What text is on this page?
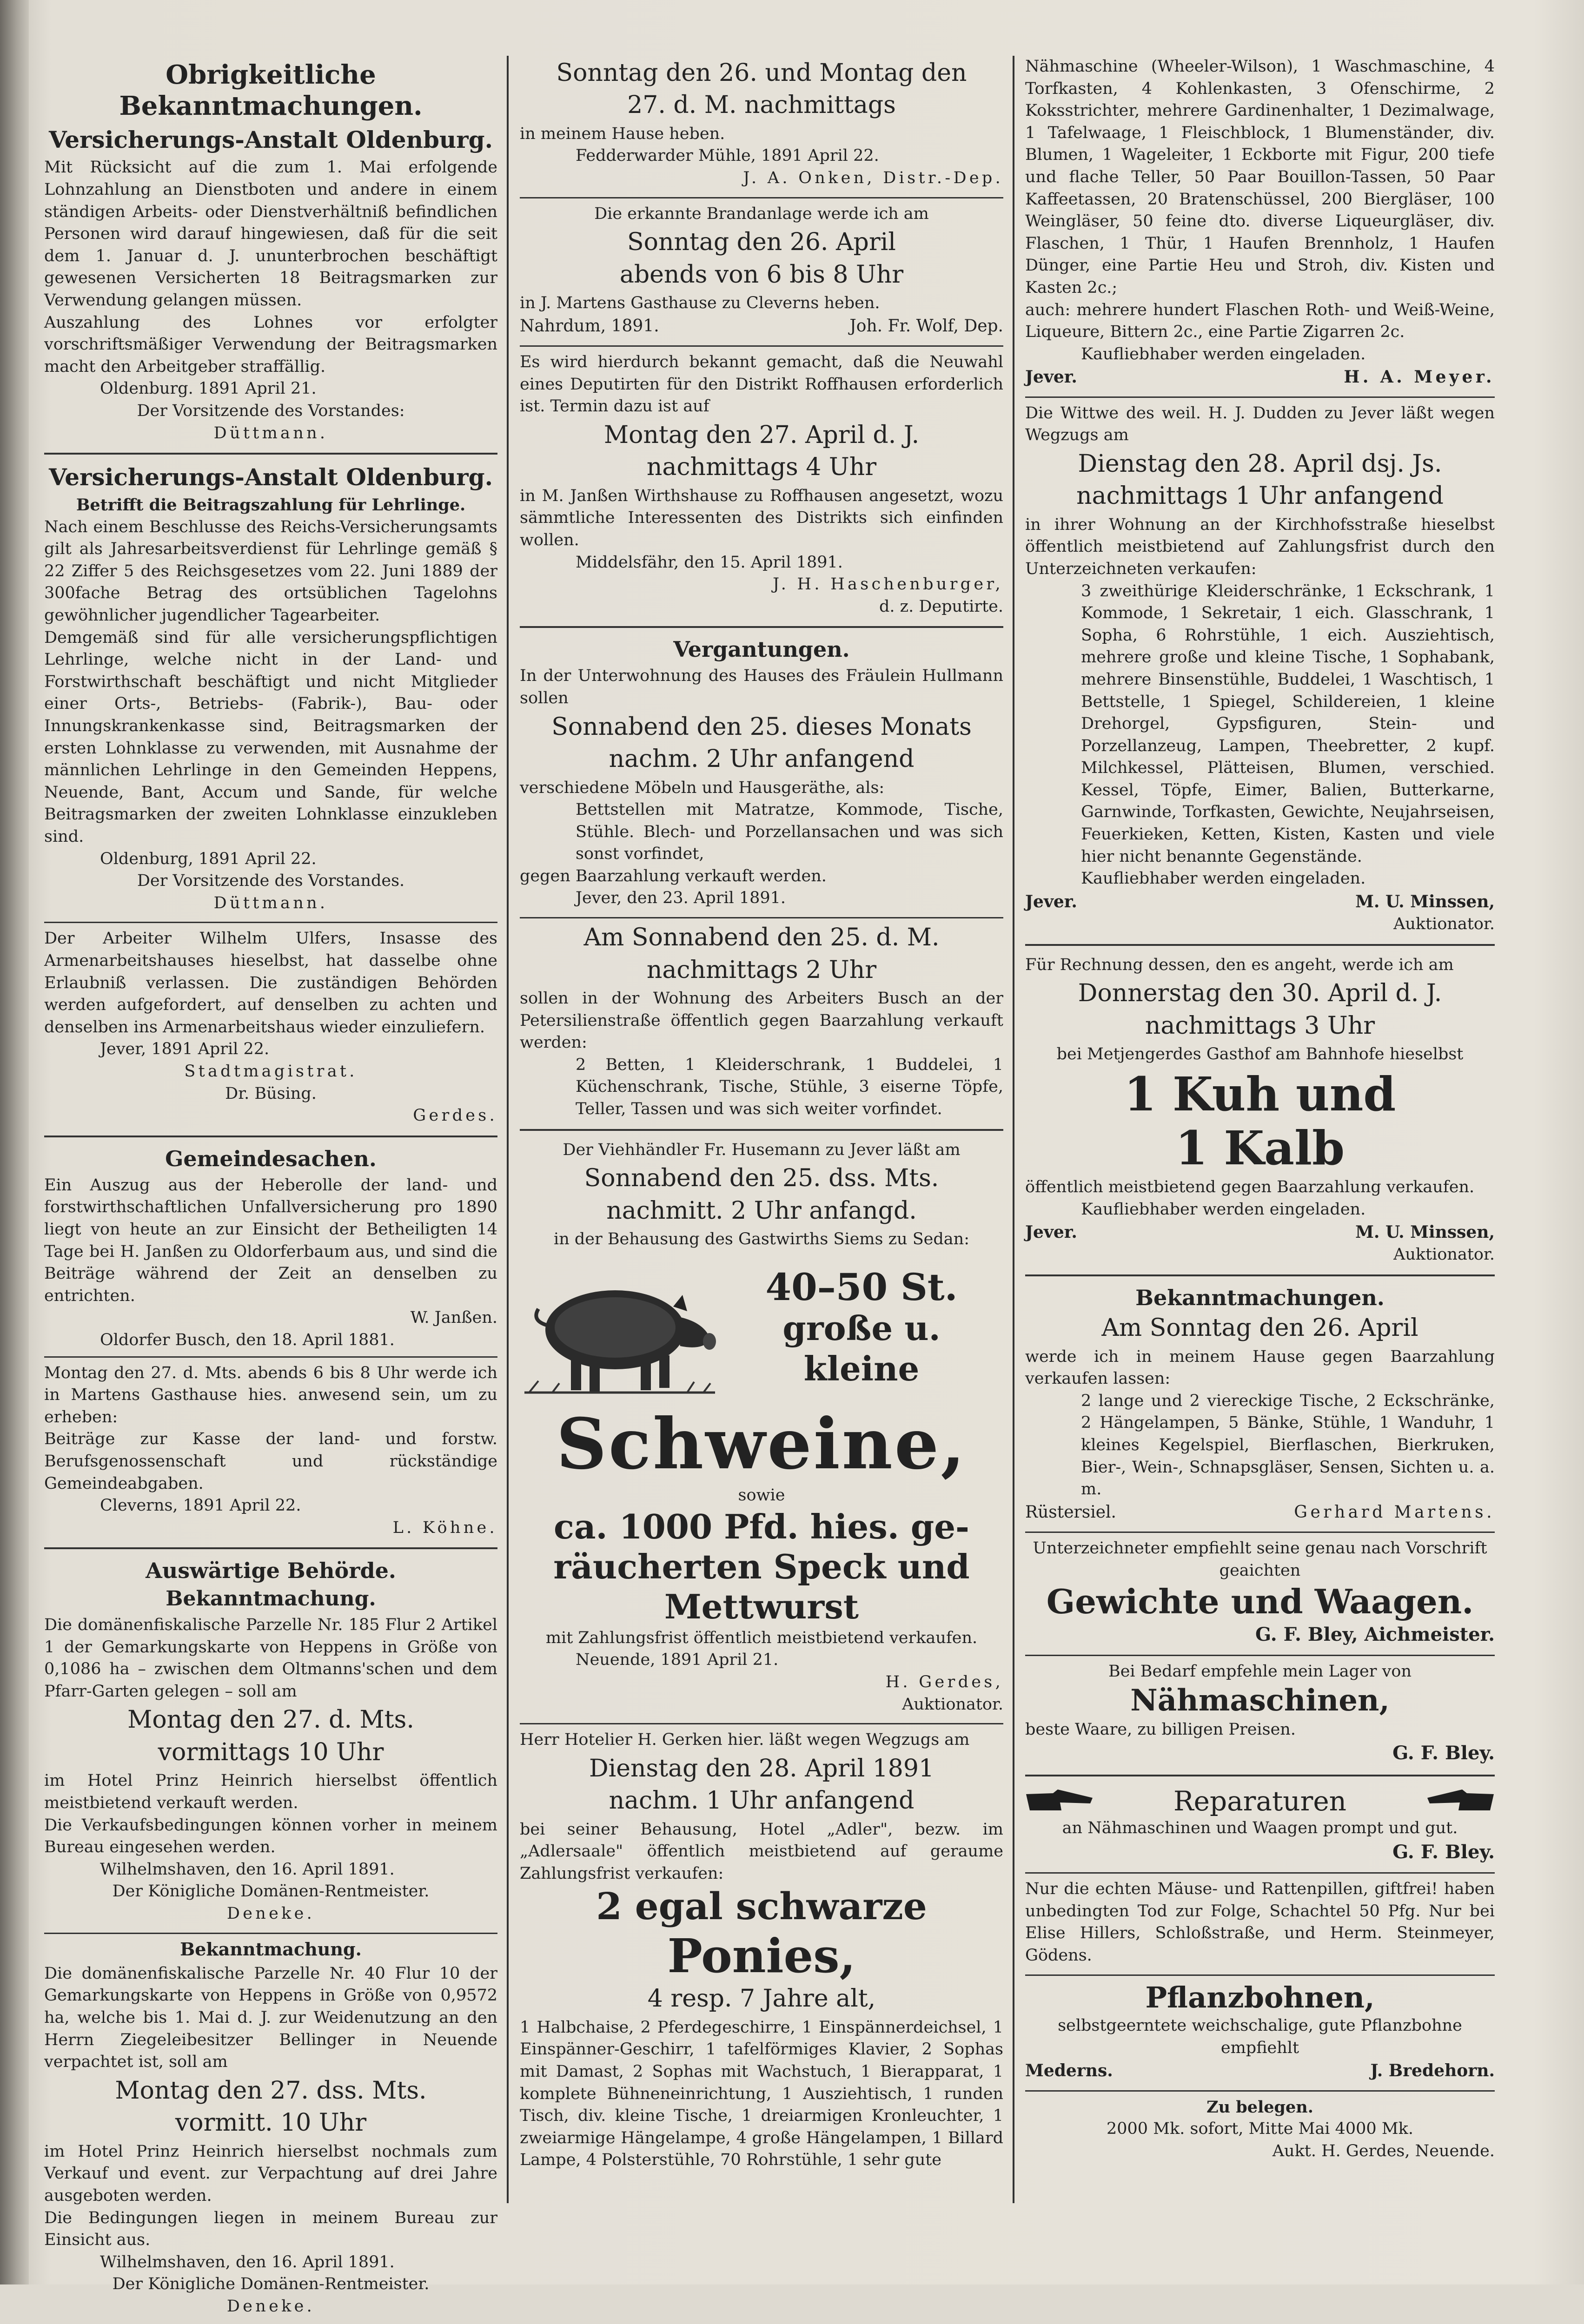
Obrigkeitliche Bekanntmachungen.
Versicherungs-Anstalt Oldenburg.

Mit Rücksicht auf die zum 1. Mai erfolgende Lohnzahlung an Dienstboten und andere in einem ständigen Arbeits- oder Dienstverhältniß befindlichen Personen wird darauf hingewiesen, daß für die seit dem 1. Januar d. J. ununterbrochen beschäftigt gewesenen Versicherten 18 Beitragsmarken zur Verwendung gelangen müssen.

Auszahlung des Lohnes vor erfolgter vorschriftsmäßiger Verwendung der Beitragsmarken macht den Arbeitgeber straffällig.

Oldenburg. 1891 April 21.

Der Vorsitzende des Vorstandes:

Düttmann.

Versicherungs-Anstalt Oldenburg.

Betrifft die Beitragszahlung für Lehrlinge.

Nach einem Beschlusse des Reichs-Versicherungsamts gilt als Jahresarbeitsverdienst für Lehrlinge gemäß § 22 Ziffer 5 des Reichsgesetzes vom 22. Juni 1889 der 300fache Betrag des ortsüblichen Tagelohns gewöhnlicher jugendlicher Tagearbeiter.

Demgemäß sind für alle versicherungspflichtigen Lehrlinge, welche nicht in der Land- und Forstwirthschaft beschäftigt und nicht Mitglieder einer Orts-, Betriebs- (Fabrik-), Bau- oder Innungskrankenkasse sind, Beitragsmarken der ersten Lohnklasse zu verwenden, mit Ausnahme der männlichen Lehrlinge in den Gemeinden Heppens, Neuende, Bant, Accum und Sande, für welche Beitragsmarken der zweiten Lohnklasse einzukleben sind.

Oldenburg, 1891 April 22.

Der Vorsitzende des Vorstandes.

Düttmann.

Der Arbeiter Wilhelm Ulfers, Insasse des Armenarbeitshauses hieselbst, hat dasselbe ohne Erlaubniß verlassen. Die zuständigen Behörden werden aufgefordert, auf denselben zu achten und denselben ins Armenarbeitshaus wieder einzuliefern.

Jever, 1891 April 22.

Stadtmagistrat.

Dr. Büsing.

Gerdes.

Gemeindesachen.

Ein Auszug aus der Heberolle der land- und forstwirthschaftlichen Unfallversicherung pro 1890 liegt von heute an zur Einsicht der Betheiligten 14 Tage bei H. Janßen zu Oldorferbaum aus, und sind die Beiträge während der Zeit an denselben zu entrichten.

W. Janßen.

Oldorfer Busch, den 18. April 1881.

Montag den 27. d. Mts. abends 6 bis 8 Uhr werde ich in Martens Gasthause hies. anwesend sein, um zu erheben:

Beiträge zur Kasse der land- und forstw. Berufsgenossenschaft und rückständige Gemeindeabgaben.

Cleverns, 1891 April 22.

L. Köhne.

Auswärtige Behörde.
Bekanntmachung.

Die domänenfiskalische Parzelle Nr. 185 Flur 2 Artikel 1 der Gemarkungskarte von Heppens in Größe von 0,1086 ha – zwischen dem Oltmanns'schen und dem Pfarr-Garten gelegen – soll am

Montag den 27. d. Mts.
vormittags 10 Uhr

im Hotel Prinz Heinrich hierselbst öffentlich meistbietend verkauft werden.

Die Verkaufsbedingungen können vorher in meinem Bureau eingesehen werden.

Wilhelmshaven, den 16. April 1891.

Der Königliche Domänen-Rentmeister.

Deneke.

Bekanntmachung.

Die domänenfiskalische Parzelle Nr. 40 Flur 10 der Gemarkungskarte von Heppens in Größe von 0,9572 ha, welche bis 1. Mai d. J. zur Weidenutzung an den Herrn Ziegeleibesitzer Bellinger in Neuende verpachtet ist, soll am

Montag den 27. dss. Mts.
vormitt. 10 Uhr

im Hotel Prinz Heinrich hierselbst nochmals zum Verkauf und event. zur Verpachtung auf drei Jahre ausgeboten werden.

Die Bedingungen liegen in meinem Bureau zur Einsicht aus.

Wilhelmshaven, den 16. April 1891.

Der Königliche Domänen-Rentmeister.

Deneke.

Sonntag den 26. und Montag den
27. d. M. nachmittags

in meinem Hause heben.

Fedderwarder Mühle, 1891 April 22.

J. A. Onken, Distr.-Dep.

Die erkannte Brandanlage werde ich am

Sonntag den 26. April
abends von 6 bis 8 Uhr

in J. Martens Gasthause zu Cleverns heben.

Nahrdum, 1891.	Joh. Fr. Wolf, Dep.

Es wird hierdurch bekannt gemacht, daß die Neuwahl eines Deputirten für den Distrikt Roffhausen erforderlich ist. Termin dazu ist auf

Montag den 27. April d. J.
nachmittags 4 Uhr

in M. Janßen Wirthshause zu Roffhausen angesetzt, wozu sämmtliche Interessenten des Distrikts sich einfinden wollen.

Middelsfähr, den 15. April 1891.

J. H. Haschenburger,

d. z. Deputirte.

Vergantungen.

In der Unterwohnung des Hauses des Fräulein Hullmann sollen

Sonnabend den 25. dieses Monats
nachm. 2 Uhr anfangend

verschiedene Möbeln und Hausgeräthe, als:

Bettstellen mit Matratze, Kommode, Tische, Stühle. Blech- und Porzellansachen und was sich sonst vorfindet,

gegen Baarzahlung verkauft werden.

Jever, den 23. April 1891.

Am Sonnabend den 25. d. M.
nachmittags 2 Uhr

sollen in der Wohnung des Arbeiters Busch an der Petersilienstraße öffentlich gegen Baarzahlung verkauft werden:

2 Betten, 1 Kleiderschrank, 1 Buddelei, 1 Küchenschrank, Tische, Stühle, 3 eiserne Töpfe, Teller, Tassen und was sich weiter vorfindet.

Der Viehhändler Fr. Husemann zu Jever läßt am

Sonnabend den 25. dss. Mts.
nachmitt. 2 Uhr anfangd.

in der Behausung des Gastwirths Siems zu Sedan:

40–50 St.
große u. kleine
Schweine,

sowie

ca. 1000 Pfd. hies. ge-
räucherten Speck und
Mettwurst

mit Zahlungsfrist öffentlich meistbietend verkaufen.

Neuende, 1891 April 21.

H. Gerdes,

Auktionator.

Herr Hotelier H. Gerken hier. läßt wegen Wegzugs am

Dienstag den 28. April 1891
nachm. 1 Uhr anfangend

bei seiner Behausung, Hotel „Adler", bezw. im „Adlersaale" öffentlich meistbietend auf geraume Zahlungsfrist verkaufen:

2 egal schwarze
Ponies,
4 resp. 7 Jahre alt,

1 Halbchaise, 2 Pferdegeschirre, 1 Einspännerdeichsel, 1 Einspänner-Geschirr, 1 tafelförmiges Klavier, 2 Sophas mit Damast, 2 Sophas mit Wachstuch, 1 Bierapparat, 1 komplete Bühneneinrichtung, 1 Ausziehtisch, 1 runden Tisch, div. kleine Tische, 1 dreiarmigen Kronleuchter, 1 zweiarmige Hängelampe, 4 große Hängelampen, 1 Billard Lampe, 4 Polsterstühle, 70 Rohrstühle, 1 sehr gute

Nähmaschine (Wheeler-Wilson), 1 Waschmaschine, 4 Torfkasten, 4 Kohlenkasten, 3 Ofenschirme, 2 Koksstrichter, mehrere Gardinenhalter, 1 Dezimalwage, 1 Tafelwaage, 1 Fleischblock, 1 Blumenständer, div. Blumen, 1 Wageleiter, 1 Eckborte mit Figur, 200 tiefe und flache Teller, 50 Paar Bouillon-Tassen, 50 Paar Kaffeetassen, 20 Bratenschüssel, 200 Biergläser, 100 Weingläser, 50 feine dto. diverse Liqueurgläser, div. Flaschen, 1 Thür, 1 Haufen Brennholz, 1 Haufen Dünger, eine Partie Heu und Stroh, div. Kisten und Kasten 2c.;

auch: mehrere hundert Flaschen Roth- und Weiß-Weine, Liqueure, Bittern 2c., eine Partie Zigarren 2c.

Kaufliebhaber werden eingeladen.

Jever.	H. A. Meyer.

Die Wittwe des weil. H. J. Dudden zu Jever läßt wegen Wegzugs am

Dienstag den 28. April dsj. Js.
nachmittags 1 Uhr anfangend

in ihrer Wohnung an der Kirchhofsstraße hieselbst öffentlich meistbietend auf Zahlungsfrist durch den Unterzeichneten verkaufen:

3 zweithürige Kleiderschränke, 1 Eckschrank, 1 Kommode, 1 Sekretair, 1 eich. Glasschrank, 1 Sopha, 6 Rohrstühle, 1 eich. Ausziehtisch, mehrere große und kleine Tische, 1 Sophabank, mehrere Binsenstühle, Buddelei, 1 Waschtisch, 1 Bettstelle, 1 Spiegel, Schildereien, 1 kleine Drehorgel, Gypsfiguren, Stein- und Porzellanzeug, Lampen, Theebretter, 2 kupf. Milchkessel, Plätteisen, Blumen, verschied. Kessel, Töpfe, Eimer, Balien, Butterkarne, Garnwinde, Torfkasten, Gewichte, Neujahrseisen, Feuerkieken, Ketten, Kisten, Kasten und viele hier nicht benannte Gegenstände.

Kaufliebhaber werden eingeladen.

Jever.	M. U. Minssen,

Auktionator.

Für Rechnung dessen, den es angeht, werde ich am

Donnerstag den 30. April d. J.
nachmittags 3 Uhr

bei Metjengerdes Gasthof am Bahnhofe hieselbst

1 Kuh und
1 Kalb

öffentlich meistbietend gegen Baarzahlung verkaufen.

Kaufliebhaber werden eingeladen.

Jever.	M. U. Minssen,

Auktionator.

Bekanntmachungen.
Am Sonntag den 26. April

werde ich in meinem Hause gegen Baarzahlung verkaufen lassen:

2 lange und 2 viereckige Tische, 2 Eckschränke, 2 Hängelampen, 5 Bänke, Stühle, 1 Wanduhr, 1 kleines Kegelspiel, Bierflaschen, Bierkruken, Bier-, Wein-, Schnapsgläser, Sensen, Sichten u. a. m.

Rüstersiel.	Gerhard Martens.

Unterzeichneter empfiehlt seine genau nach Vorschrift geaichten

Gewichte und Waagen.

G. F. Bley, Aichmeister.

Bei Bedarf empfehle mein Lager von

Nähmaschinen,

beste Waare, zu billigen Preisen.

G. F. Bley.

Reparaturen

an Nähmaschinen und Waagen prompt und gut.

G. F. Bley.

Nur die echten Mäuse- und Rattenpillen, giftfrei! haben unbedingten Tod zur Folge, Schachtel 50 Pfg. Nur bei Elise Hillers, Schloßstraße, und Herm. Steinmeyer, Gödens.

Pflanzbohnen,

selbstgeerntete weichschalige, gute Pflanzbohne empfiehlt

Mederns.	J. Bredehorn.

Zu belegen.

2000 Mk. sofort, Mitte Mai 4000 Mk.

Aukt. H. Gerdes, Neuende.
